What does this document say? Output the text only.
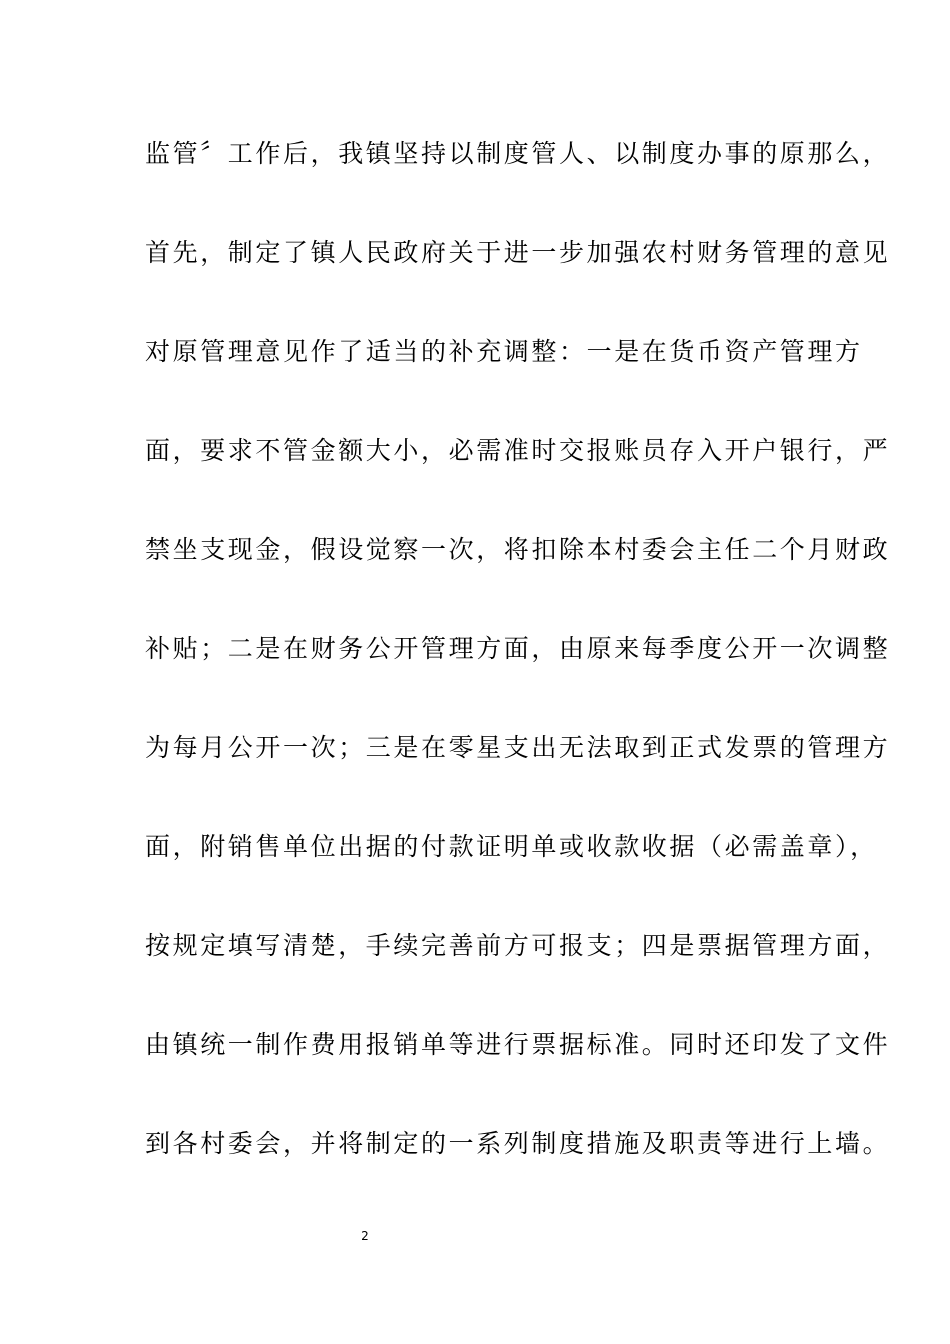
监管〞工作后，我镇坚持以制度管人、以制度办事的原那么，
首先，制定了镇人民政府关于进一步加强农村财务管理的意见
对原管理意见作了适当的补充调整：一是在货币资产管理方
面，要求不管金额大小，必需准时交报账员存入开户银行，严
禁坐支现金，假设觉察一次，将扣除本村委会主任二个月财政
补贴；二是在财务公开管理方面，由原来每季度公开一次调整
为每月公开一次；三是在零星支出无法取到正式发票的管理方
面，附销售单位出据的付款证明单或收款收据（必需盖章），
按规定填写清楚，手续完善前方可报支；四是票据管理方面，
由镇统一制作费用报销单等进行票据标准。同时还印发了文件
到各村委会，并将制定的一系列制度措施及职责等进行上墙。
2
